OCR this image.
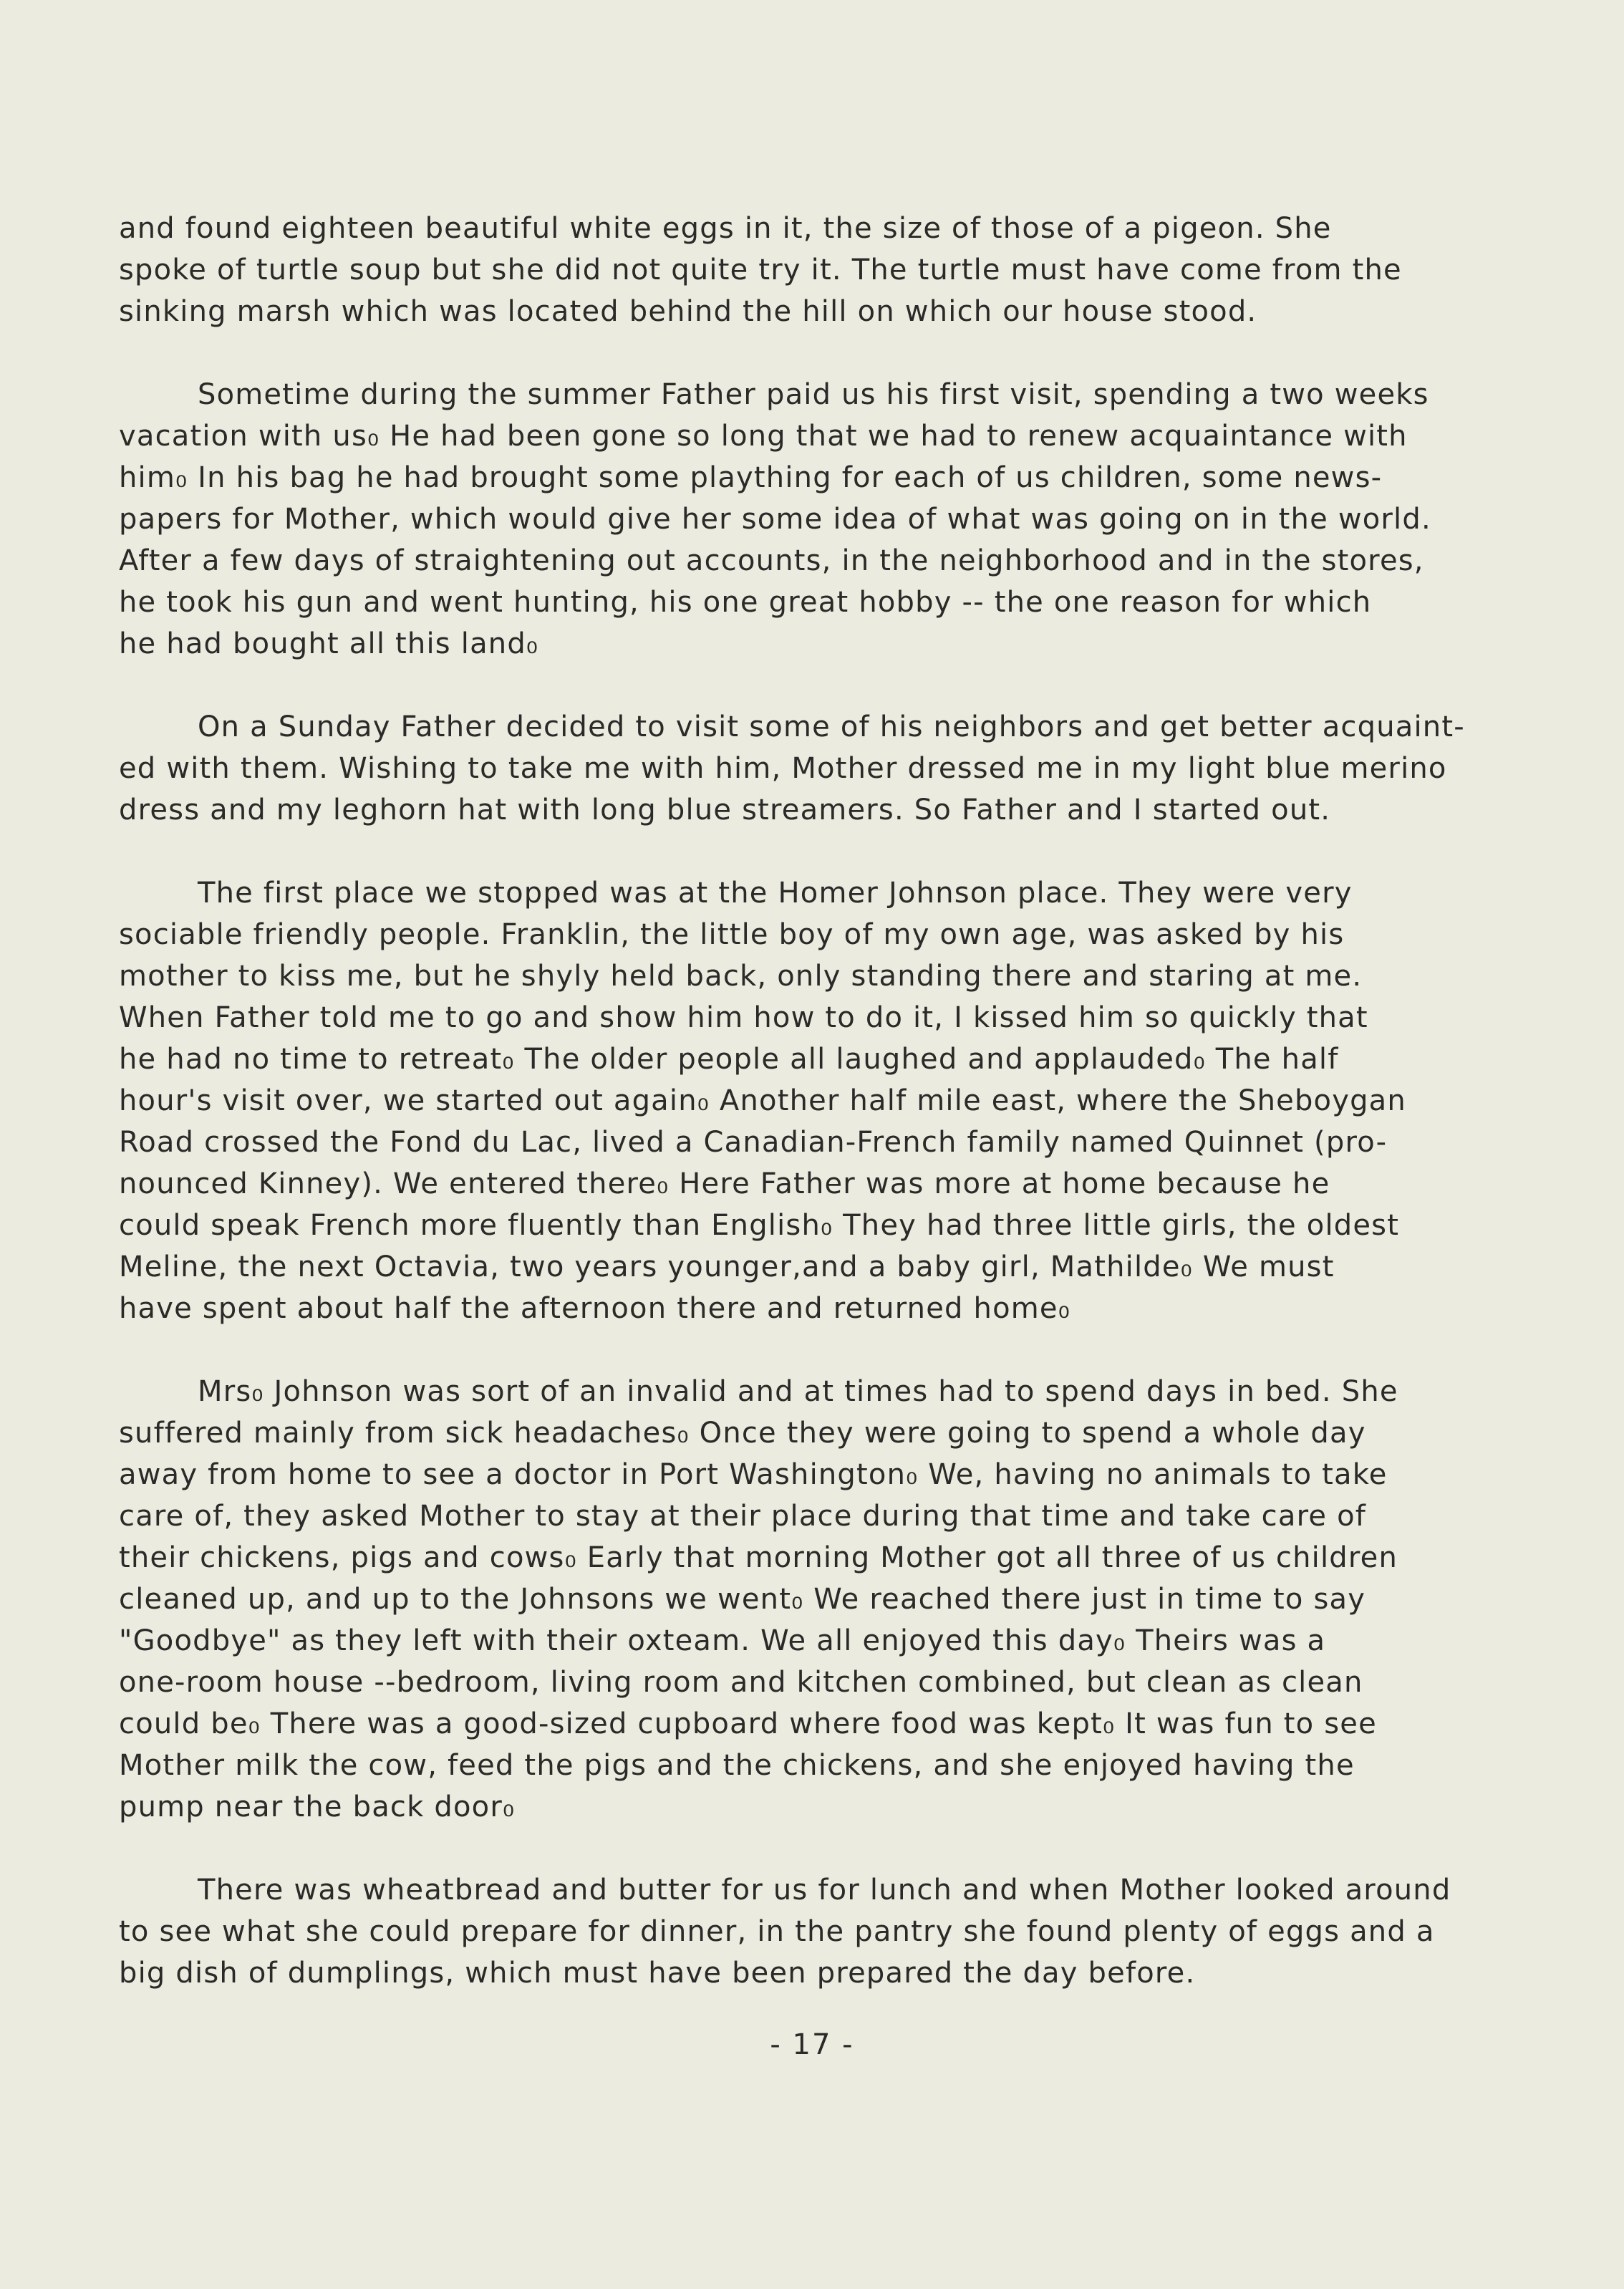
and found eighteen beautiful white eggs in it, the size of those of a pigeon. She
spoke of turtle soup but she did not quite try it. The turtle must have come from the
sinking marsh which was located behind the hill on which our house stood.
Sometime during the summer Father paid us his first visit, spending a two weeks
vacation with us₀ He had been gone so long that we had to renew acquaintance with
him₀ In his bag he had brought some plaything for each of us children, some news-
papers for Mother, which would give her some idea of what was going on in the world.
After a few days of straightening out accounts, in the neighborhood and in the stores,
he took his gun and went hunting, his one great hobby -- the one reason for which
he had bought all this land₀
On a Sunday Father decided to visit some of his neighbors and get better acquaint-
ed with them. Wishing to take me with him, Mother dressed me in my light blue merino
dress and my leghorn hat with long blue streamers. So Father and I started out.
The first place we stopped was at the Homer Johnson place. They were very
sociable friendly people. Franklin, the little boy of my own age, was asked by his
mother to kiss me, but he shyly held back, only standing there and staring at me.
When Father told me to go and show him how to do it, I kissed him so quickly that
he had no time to retreat₀ The older people all laughed and applauded₀ The half
hour's visit over, we started out again₀ Another half mile east, where the Sheboygan
Road crossed the Fond du Lac, lived a Canadian-French family named Quinnet (pro-
nounced Kinney). We entered there₀ Here Father was more at home because he
could speak French more fluently than English₀ They had three little girls, the oldest
Meline, the next Octavia, two years younger,and a baby girl, Mathilde₀ We must
have spent about half the afternoon there and returned home₀
Mrs₀ Johnson was sort of an invalid and at times had to spend days in bed. She
suffered mainly from sick headaches₀ Once they were going to spend a whole day
away from home to see a doctor in Port Washington₀ We, having no animals to take
care of, they asked Mother to stay at their place during that time and take care of
their chickens, pigs and cows₀ Early that morning Mother got all three of us children
cleaned up, and up to the Johnsons we went₀ We reached there just in time to say
"Goodbye" as they left with their oxteam. We all enjoyed this day₀ Theirs was a
one-room house --bedroom, living room and kitchen combined, but clean as clean
could be₀ There was a good-sized cupboard where food was kept₀ It was fun to see
Mother milk the cow, feed the pigs and the chickens, and she enjoyed having the
pump near the back door₀
There was wheatbread and butter for us for lunch and when Mother looked around
to see what she could prepare for dinner, in the pantry she found plenty of eggs and a
big dish of dumplings, which must have been prepared the day before.
- 17 -
